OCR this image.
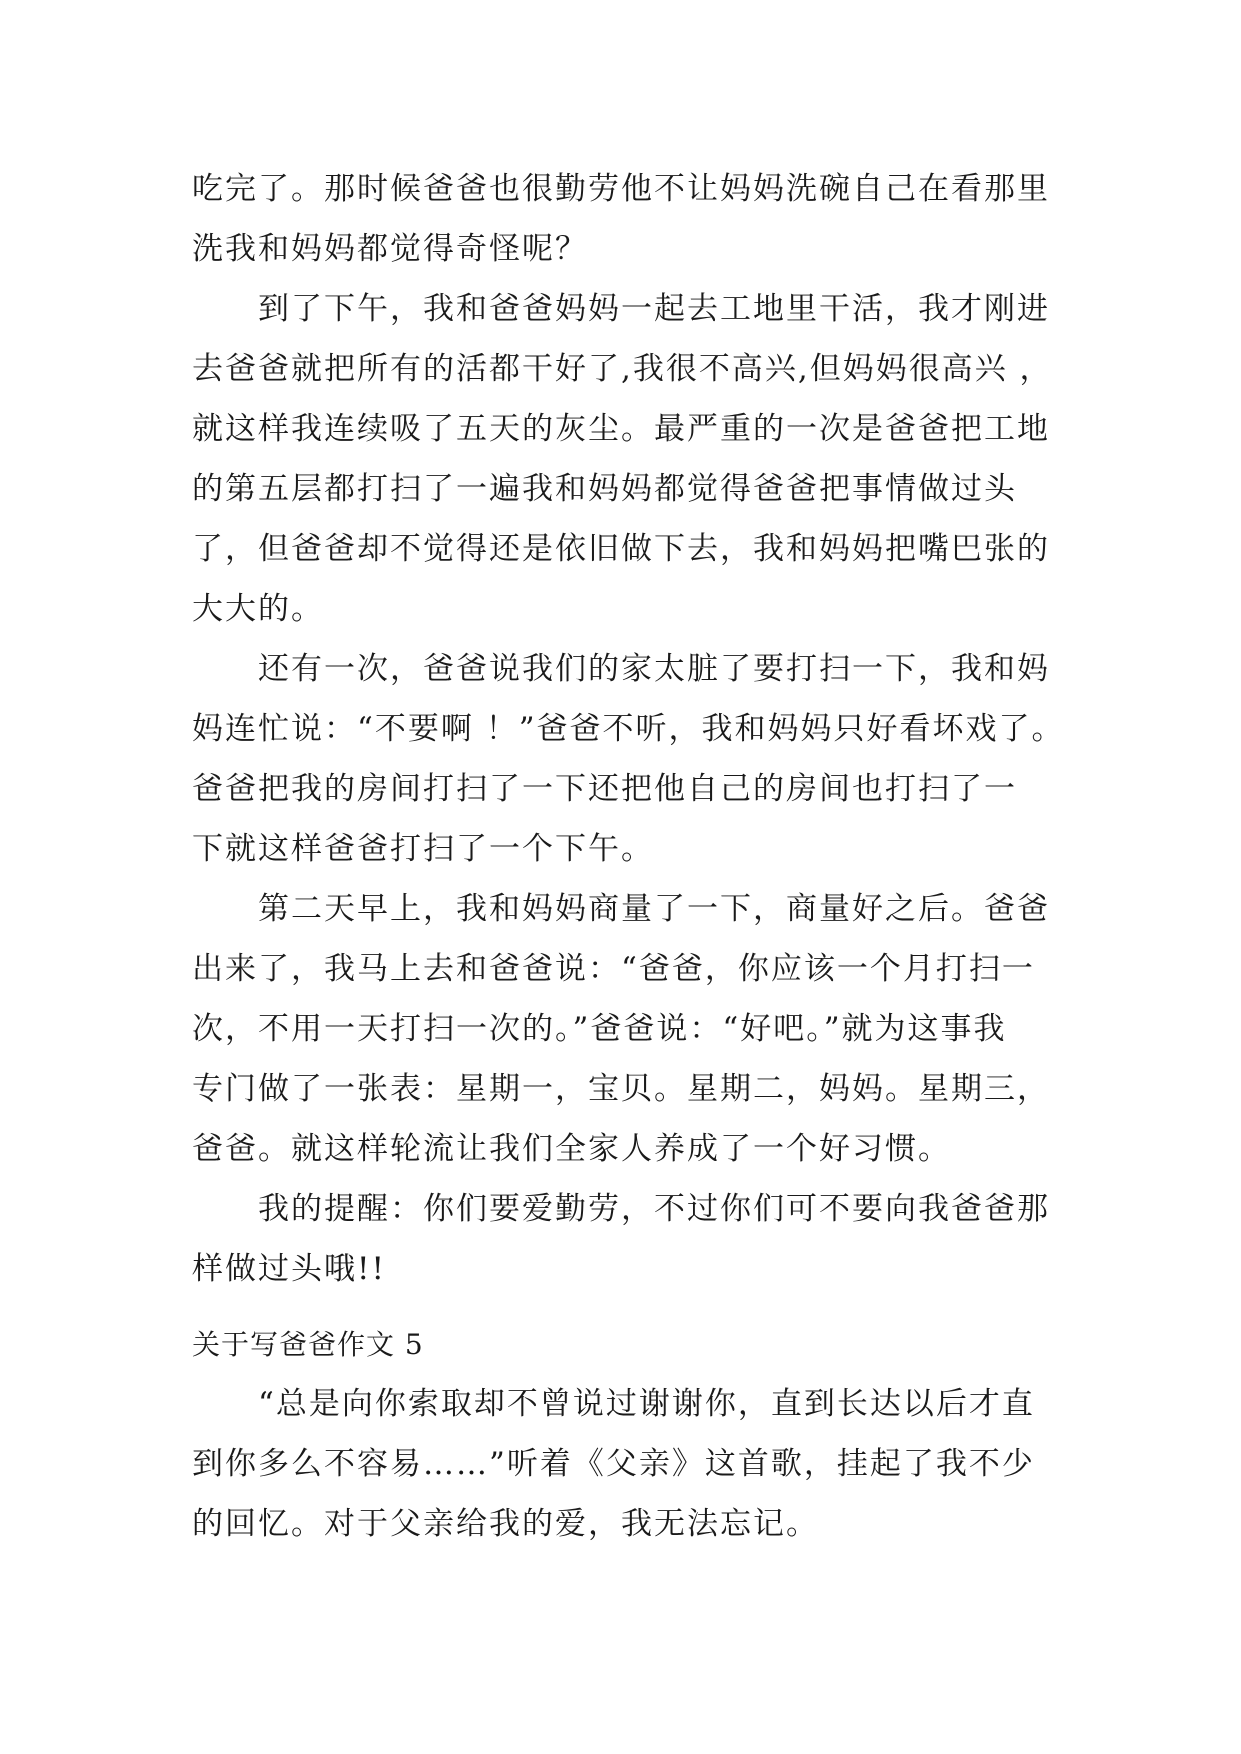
吃完了。那时候爸爸也很勤劳他不让妈妈洗碗自己在看那里
洗我和妈妈都觉得奇怪呢？
到了下午，我和爸爸妈妈一起去工地里干活，我才刚进
去爸爸就把所有的活都干好了,我很不高兴,但妈妈很高兴 ，
就这样我连续吸了五天的灰尘。最严重的一次是爸爸把工地
的第五层都打扫了一遍我和妈妈都觉得爸爸把事情做过头
了，但爸爸却不觉得还是依旧做下去，我和妈妈把嘴巴张的
大大的。
还有一次，爸爸说我们的家太脏了要打扫一下，我和妈
妈连忙说：“不要啊 ！”爸爸不听，我和妈妈只好看坏戏了。
爸爸把我的房间打扫了一下还把他自己的房间也打扫了一
下就这样爸爸打扫了一个下午。
第二天早上，我和妈妈商量了一下，商量好之后。爸爸
出来了，我马上去和爸爸说：“爸爸，你应该一个月打扫一
次，不用一天打扫一次的。”爸爸说：“好吧。”就为这事我
专门做了一张表：星期一，宝贝。星期二，妈妈。星期三，
爸爸。就这样轮流让我们全家人养成了一个好习惯。
我的提醒：你们要爱勤劳，不过你们可不要向我爸爸那
样做过头哦!!
关于写爸爸作文 5
“总是向你索取却不曾说过谢谢你，直到长达以后才直
到你多么不容易……”听着《父亲》这首歌，挂起了我不少
的回忆。对于父亲给我的爱，我无法忘记。
